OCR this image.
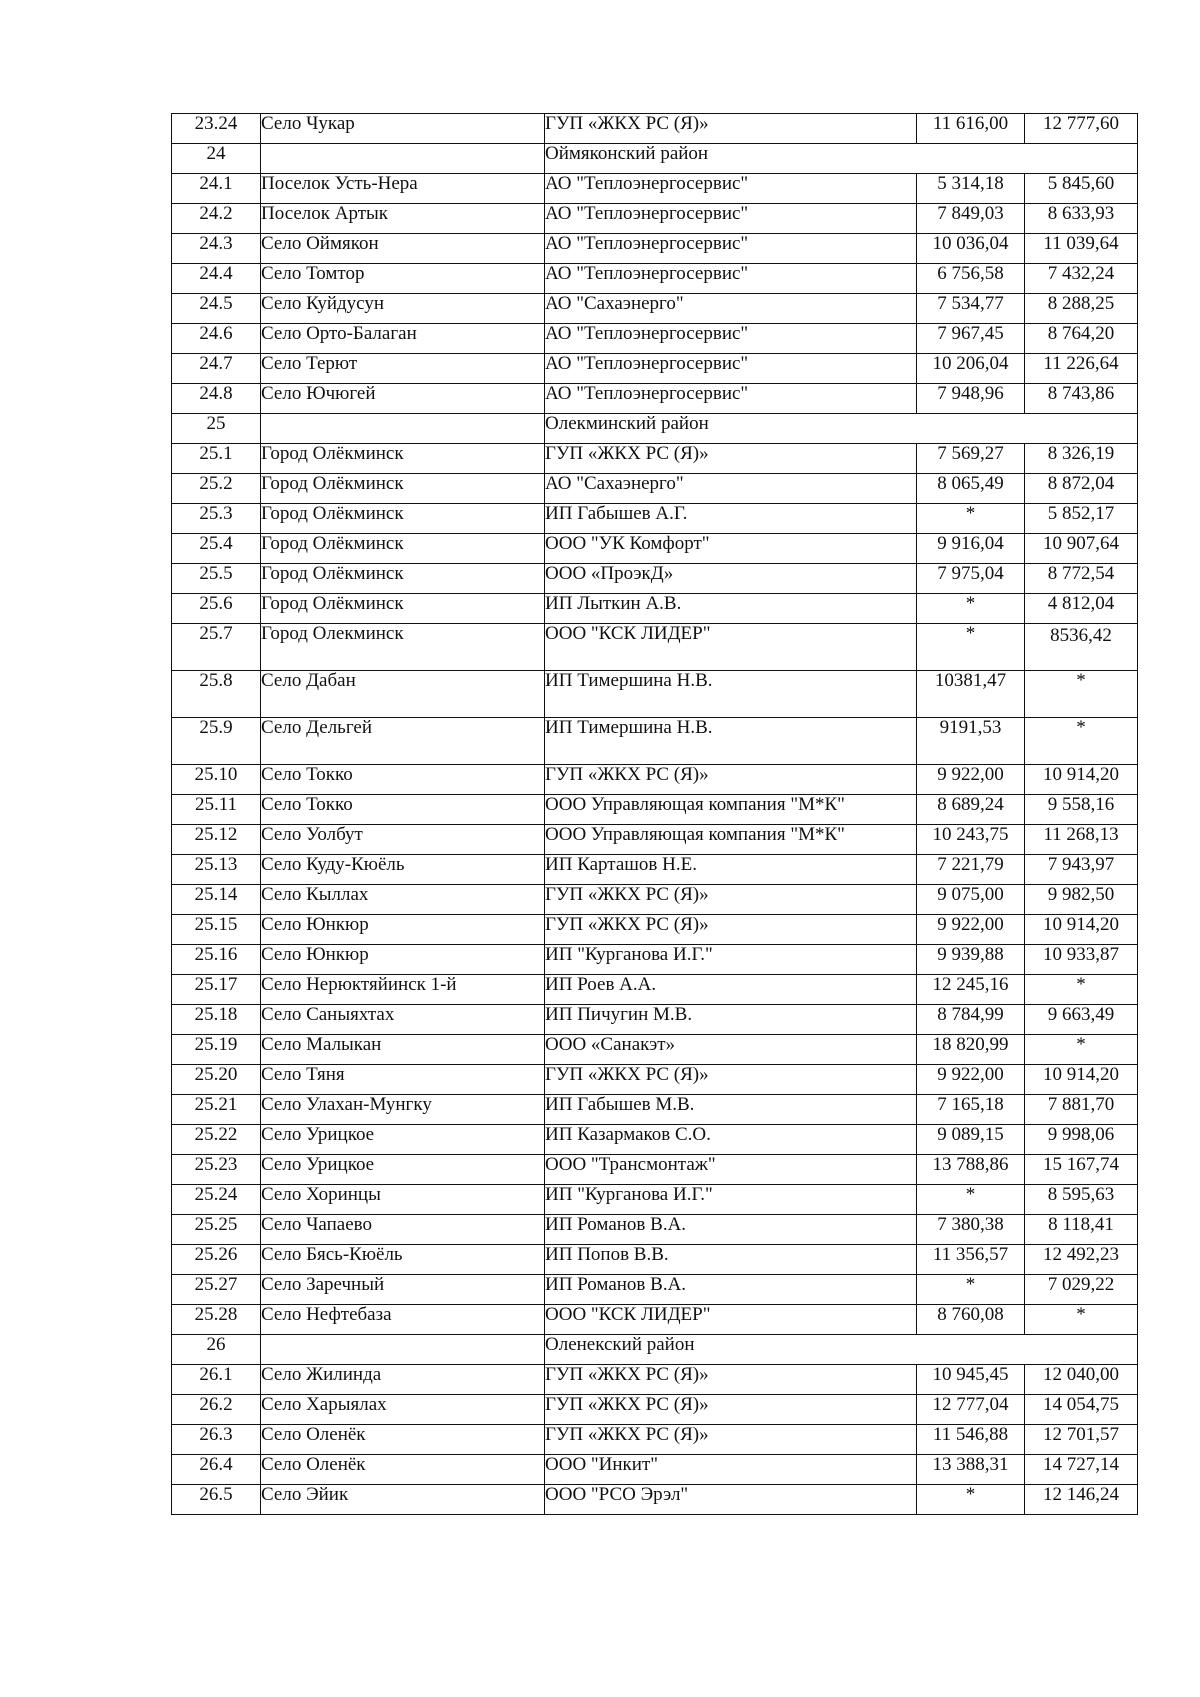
23.24	Село Чукар	ГУП «ЖКХ РС (Я)»	11 616,00	12 777,60
24		Оймяконский район		
24.1	Поселок Усть-Нера	АО "Теплоэнергосервис"	5 314,18	5 845,60
24.2	Поселок Артык	АО "Теплоэнергосервис"	7 849,03	8 633,93
24.3	Село Оймякон	АО "Теплоэнергосервис"	10 036,04	11 039,64
24.4	Село Томтор	АО "Теплоэнергосервис"	6 756,58	7 432,24
24.5	Село Куйдусун	АО "Сахаэнерго"	7 534,77	8 288,25
24.6	Село Орто-Балаган	АО "Теплоэнергосервис"	7 967,45	8 764,20
24.7	Село Терют	АО "Теплоэнергосервис"	10 206,04	11 226,64
24.8	Село Ючюгей	АО "Теплоэнергосервис"	7 948,96	8 743,86
25		Олекминский район		
25.1	Город Олёкминск	ГУП «ЖКХ РС (Я)»	7 569,27	8 326,19
25.2	Город Олёкминск	АО "Сахаэнерго"	8 065,49	8 872,04
25.3	Город Олёкминск	ИП Габышев А.Г.	*	5 852,17
25.4	Город Олёкминск	ООО "УК Комфорт"	9 916,04	10 907,64
25.5	Город Олёкминск	ООО «ПроэкД»	7 975,04	8 772,54
25.6	Город Олёкминск	ИП Лыткин А.В.	*	4 812,04
25.7	Город Олекминск	ООО "КСК ЛИДЕР"	*	8536,42
25.8	Село Дабан	ИП Тимершина Н.В.	10381,47	*
25.9	Село Дельгей	ИП Тимершина Н.В.	9191,53	*
25.10	Село Токко	ГУП «ЖКХ РС (Я)»	9 922,00	10 914,20
25.11	Село Токко	ООО Управляющая компания "М*К"	8 689,24	9 558,16
25.12	Село Уолбут	ООО Управляющая компания "М*К"	10 243,75	11 268,13
25.13	Село Куду-Кюёль	ИП Карташов Н.Е.	7 221,79	7 943,97
25.14	Село Кыллах	ГУП «ЖКХ РС (Я)»	9 075,00	9 982,50
25.15	Село Юнкюр	ГУП «ЖКХ РС (Я)»	9 922,00	10 914,20
25.16	Село Юнкюр	ИП "Курганова И.Г."	9 939,88	10 933,87
25.17	Село Нерюктяйинск 1-й	ИП Роев А.А.	12 245,16	*
25.18	Село Саныяхтах	ИП Пичугин М.В.	8 784,99	9 663,49
25.19	Село Малыкан	ООО «Санакэт»	18 820,99	*
25.20	Село Тяня	ГУП «ЖКХ РС (Я)»	9 922,00	10 914,20
25.21	Село Улахан-Мунгку	ИП Габышев М.В.	7 165,18	7 881,70
25.22	Село Урицкое	ИП Казармаков С.О.	9 089,15	9 998,06
25.23	Село Урицкое	ООО "Трансмонтаж"	13 788,86	15 167,74
25.24	Село Хоринцы	ИП "Курганова И.Г."	*	8 595,63
25.25	Село Чапаево	ИП Романов В.А.	7 380,38	8 118,41
25.26	Село Бясь-Кюёль	ИП Попов В.В.	11 356,57	12 492,23
25.27	Село Заречный	ИП Романов В.А.	*	7 029,22
25.28	Село Нефтебаза	ООО "КСК ЛИДЕР"	8 760,08	*
26		Оленекский район		
26.1	Село Жилинда	ГУП «ЖКХ РС (Я)»	10 945,45	12 040,00
26.2	Село Харыялах	ГУП «ЖКХ РС (Я)»	12 777,04	14 054,75
26.3	Село Оленёк	ГУП «ЖКХ РС (Я)»	11 546,88	12 701,57
26.4	Село Оленёк	ООО "Инкит"	13 388,31	14 727,14
26.5	Село Эйик	ООО "РСО Эрэл"	*	12 146,24
